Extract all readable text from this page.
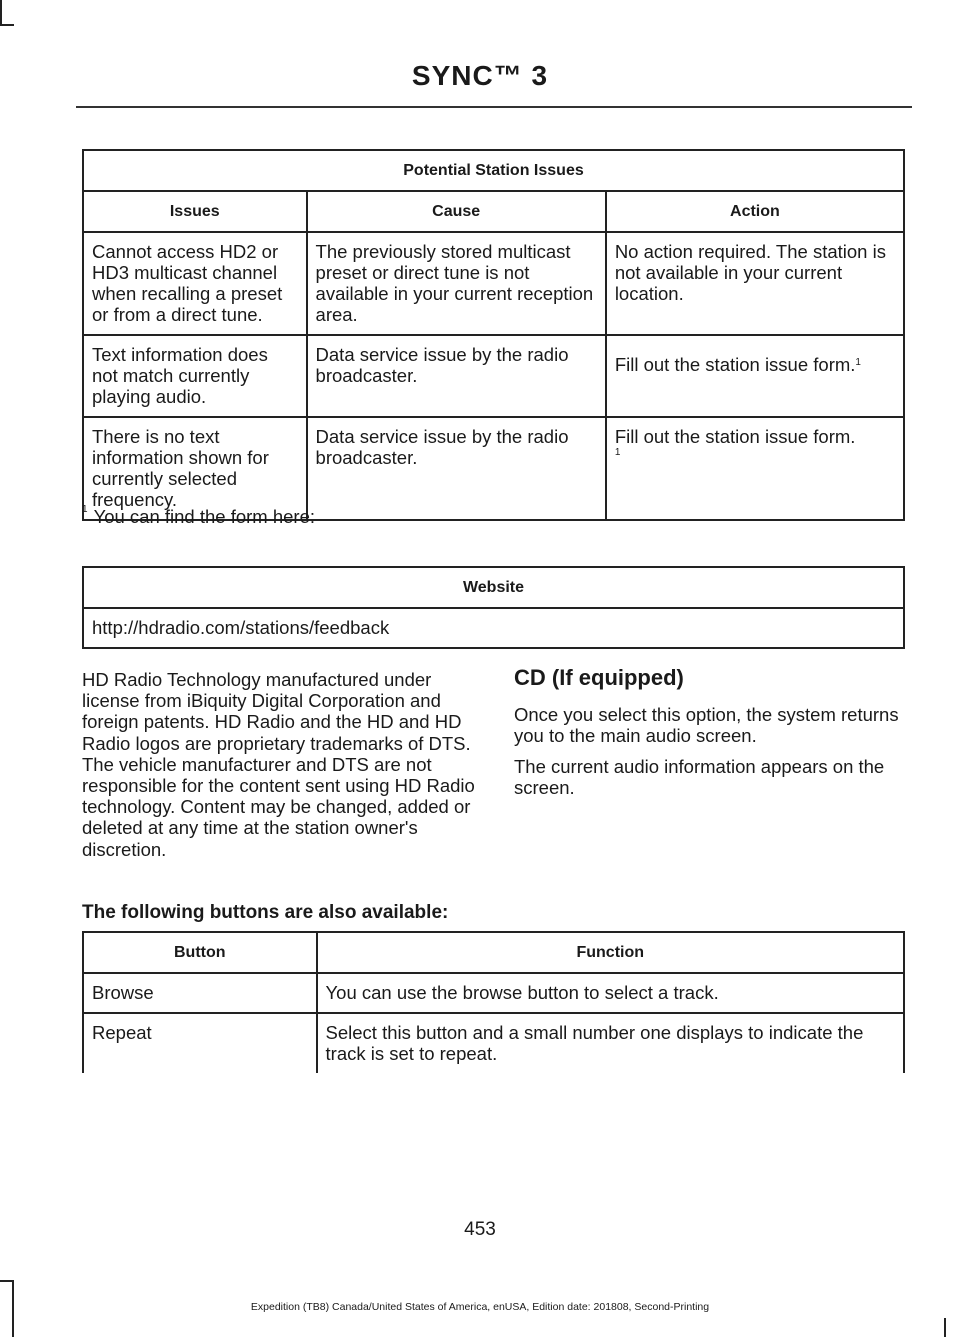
SYNC™ 3
Potential Station Issues		
Issues	Cause	Action
Cannot access HD2 or HD3 multicast channel when recalling a preset or from a direct tune.	The previously stored multicast preset or direct tune is not available in your current reception area.	No action required. The station is not available in your current location.
Text information does not match currently playing audio.	Data service issue by the radio broadcaster.	Fill out the station issue form.$^1$
There is no text information shown for currently selected frequency.	Data service issue by the radio broadcaster.	Fill out the station issue form.
1
$^1$ You can find the form here:
Website
http://hdradio.com/stations/feedback

HD Radio Technology manufactured under license from iBiquity Digital Corporation and foreign patents. HD Radio and the HD and HD Radio logos are proprietary trademarks of DTS. The vehicle manufacturer and DTS are not responsible for the content sent using HD Radio technology. Content may be changed, added or deleted at any time at the station owner's discretion.

CD (If equipped)

Once you select this option, the system returns you to the main audio screen.

The current audio information appears on the screen.

The following buttons are also available:
Button	Function
Browse	You can use the browse button to select a track.
Repeat	Select this button and a small number one displays to indicate the track is set to repeat.
453
Expedition (TB8) Canada/United States of America, enUSA, Edition date: 201808, Second-Printing
